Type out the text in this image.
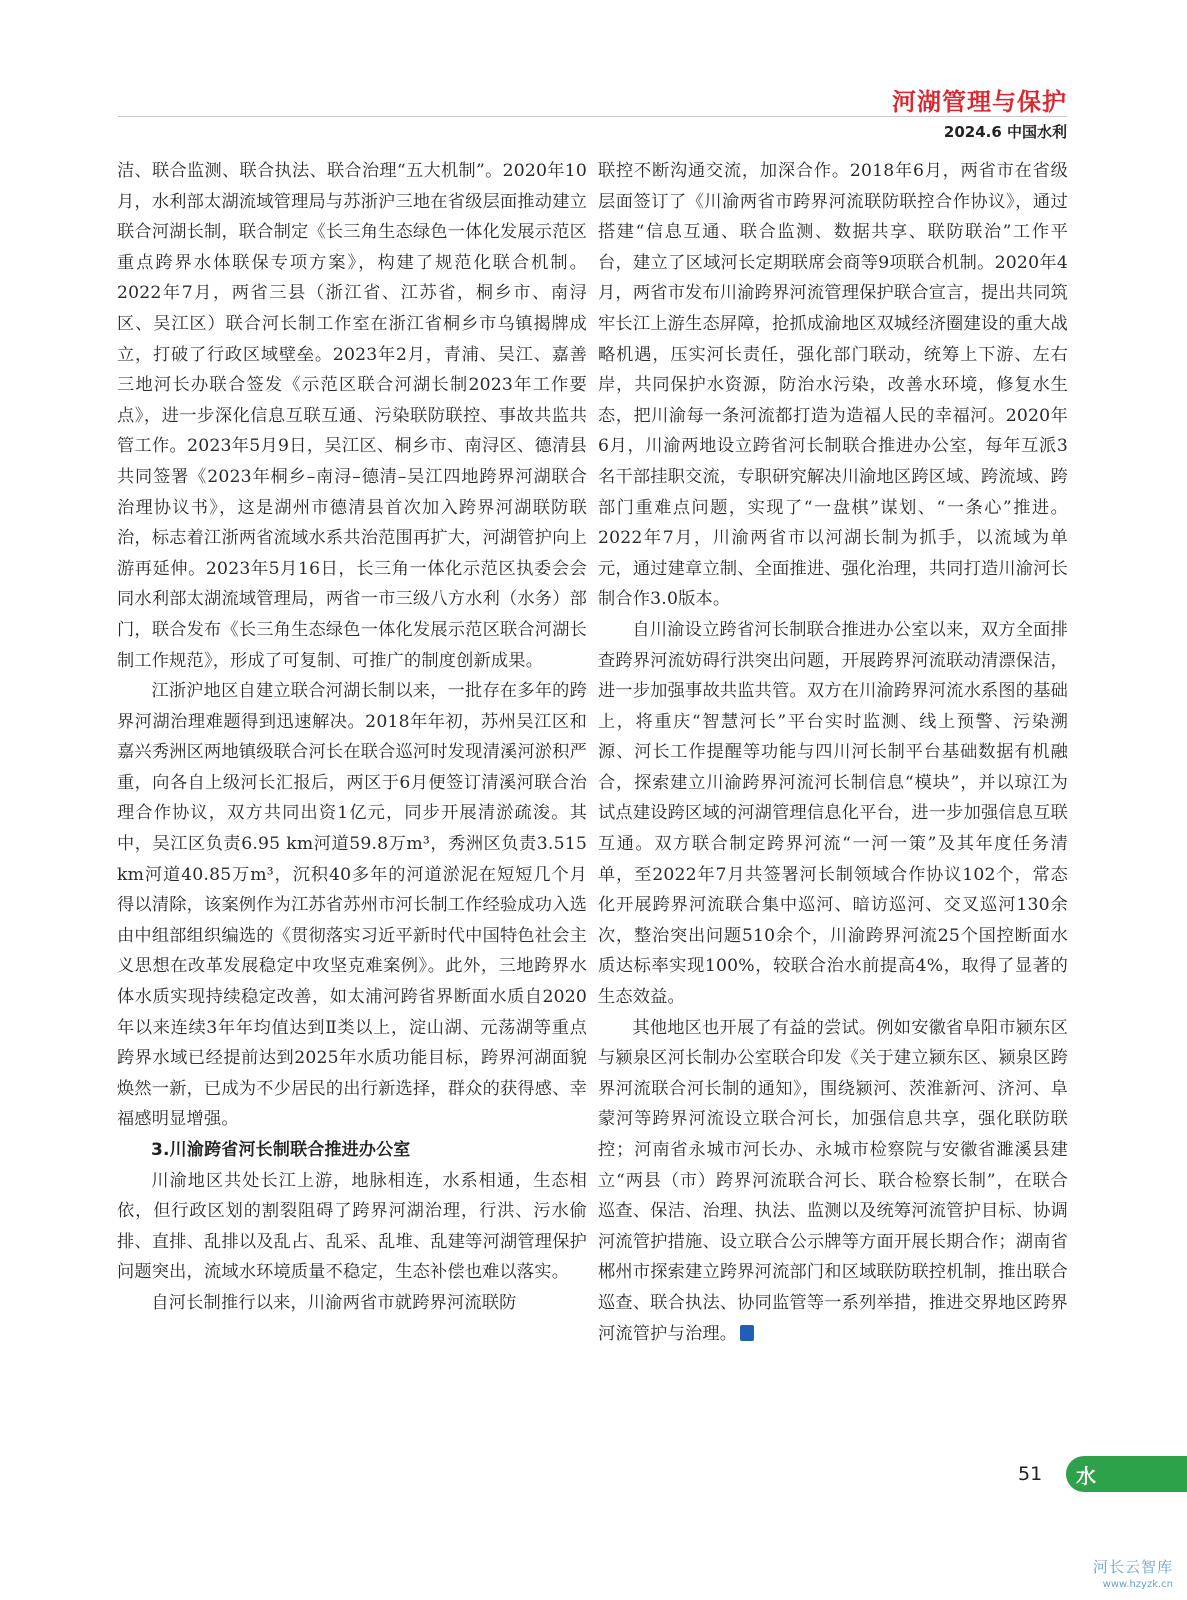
河湖管理与保护
2024.6 中国水利

洁、联合监测、联合执法、联合治理“五大机制”。2020年10月，水利部太湖流域管理局与苏浙沪三地在省级层面推动建立联合河湖长制，联合制定《长三角生态绿色一体化发展示范区重点跨界水体联保专项方案》，构建了规范化联合机制。2022年7月，两省三县（浙江省、江苏省，桐乡市、南浔区、吴江区）联合河长制工作室在浙江省桐乡市乌镇揭牌成立，打破了行政区域壁垒。2023年2月，青浦、吴江、嘉善三地河长办联合签发《示范区联合河湖长制2023年工作要点》，进一步深化信息互联互通、污染联防联控、事故共监共管工作。2023年5月9日，吴江区、桐乡市、南浔区、德清县共同签署《2023年桐乡–南浔–德清–吴江四地跨界河湖联合治理协议书》，这是湖州市德清县首次加入跨界河湖联防联治，标志着江浙两省流域水系共治范围再扩大，河湖管护向上游再延伸。2023年5月16日，长三角一体化示范区执委会会同水利部太湖流域管理局，两省一市三级八方水利（水务）部门，联合发布《长三角生态绿色一体化发展示范区联合河湖长制工作规范》，形成了可复制、可推广的制度创新成果。

江浙沪地区自建立联合河湖长制以来，一批存在多年的跨界河湖治理难题得到迅速解决。2018年年初，苏州吴江区和嘉兴秀洲区两地镇级联合河长在联合巡河时发现清溪河淤积严重，向各自上级河长汇报后，两区于6月便签订清溪河联合治理合作协议，双方共同出资1亿元，同步开展清淤疏浚。其中，吴江区负责6.95 km河道59.8万m³，秀洲区负责3.515 km河道40.85万m³，沉积40多年的河道淤泥在短短几个月得以清除，该案例作为江苏省苏州市河长制工作经验成功入选由中组部组织编选的《贯彻落实习近平新时代中国特色社会主义思想在改革发展稳定中攻坚克难案例》。此外，三地跨界水体水质实现持续稳定改善，如太浦河跨省界断面水质自2020年以来连续3年年均值达到Ⅱ类以上，淀山湖、元荡湖等重点跨界水域已经提前达到2025年水质功能目标，跨界河湖面貌焕然一新，已成为不少居民的出行新选择，群众的获得感、幸福感明显增强。

3.川渝跨省河长制联合推进办公室

川渝地区共处长江上游，地脉相连，水系相通，生态相依，但行政区划的割裂阻碍了跨界河湖治理，行洪、污水偷排、直排、乱排以及乱占、乱采、乱堆、乱建等河湖管理保护问题突出，流域水环境质量不稳定，生态补偿也难以落实。

自河长制推行以来，川渝两省市就跨界河流联防

联控不断沟通交流，加深合作。2018年6月，两省市在省级层面签订了《川渝两省市跨界河流联防联控合作协议》，通过搭建“信息互通、联合监测、数据共享、联防联治”工作平台，建立了区域河长定期联席会商等9项联合机制。2020年4月，两省市发布川渝跨界河流管理保护联合宣言，提出共同筑牢长江上游生态屏障，抢抓成渝地区双城经济圈建设的重大战略机遇，压实河长责任，强化部门联动，统筹上下游、左右岸，共同保护水资源，防治水污染，改善水环境，修复水生态，把川渝每一条河流都打造为造福人民的幸福河。2020年6月，川渝两地设立跨省河长制联合推进办公室，每年互派3名干部挂职交流，专职研究解决川渝地区跨区域、跨流域、跨部门重难点问题，实现了“一盘棋”谋划、“一条心”推进。2022年7月，川渝两省市以河湖长制为抓手，以流域为单元，通过建章立制、全面推进、强化治理，共同打造川渝河长制合作3.0版本。

自川渝设立跨省河长制联合推进办公室以来，双方全面排查跨界河流妨碍行洪突出问题，开展跨界河流联动清漂保洁，进一步加强事故共监共管。双方在川渝跨界河流水系图的基础上，将重庆“智慧河长”平台实时监测、线上预警、污染溯源、河长工作提醒等功能与四川河长制平台基础数据有机融合，探索建立川渝跨界河流河长制信息“模块”，并以琼江为试点建设跨区域的河湖管理信息化平台，进一步加强信息互联互通。双方联合制定跨界河流“一河一策”及其年度任务清单，至2022年7月共签署河长制领域合作协议102个，常态化开展跨界河流联合集中巡河、暗访巡河、交叉巡河130余次，整治突出问题510余个，川渝跨界河流25个国控断面水质达标率实现100%，较联合治水前提高4%，取得了显著的生态效益。

其他地区也开展了有益的尝试。例如安徽省阜阳市颍东区与颍泉区河长制办公室联合印发《关于建立颍东区、颍泉区跨界河流联合河长制的通知》，围绕颍河、茨淮新河、济河、阜蒙河等跨界河流设立联合河长，加强信息共享，强化联防联控；河南省永城市河长办、永城市检察院与安徽省濉溪县建立“两县（市）跨界河流联合河长、联合检察长制”，在联合巡查、保洁、治理、执法、监测以及统筹河流管护目标、协调河流管护措施、设立联合公示牌等方面开展长期合作；湖南省郴州市探索建立跨界河流部门和区域联防联控机制，推出联合巡查、联合执法、协同监管等一系列举措，推进交界地区跨界河流管护与治理。

51 水
河长云智库
www.hzyzk.cn
